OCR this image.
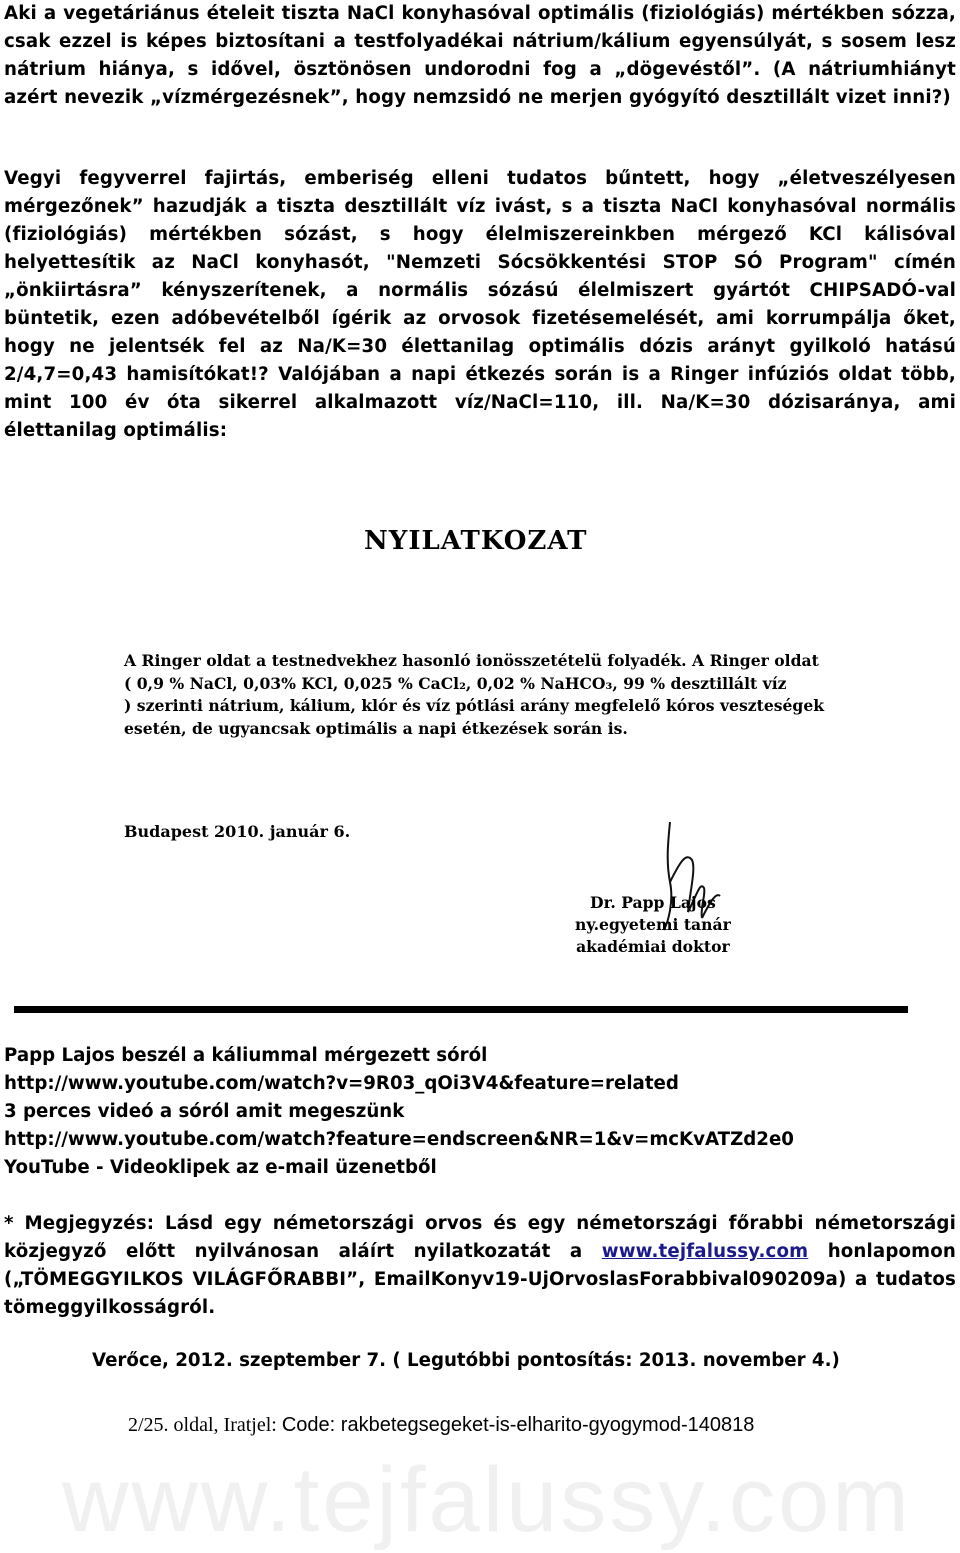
Aki a vegetáriánus ételeit tiszta NaCl konyhasóval optimális (fiziológiás) mértékben sózza, csak ezzel is képes biztosítani a testfolyadékai nátrium/kálium egyensúlyát, s sosem lesz nátrium hiánya, s idővel, ösztönösen undorodni fog a „dögevéstől”. (A nátriumhiányt azért nevezik „vízmérgezésnek”, hogy nemzsidó ne merjen gyógyító desztillált vizet inni?)
Vegyi fegyverrel fajirtás, emberiség elleni tudatos bűntett, hogy „életveszélyesen mérgezőnek” hazudják a tiszta desztillált víz ivást, s a tiszta NaCl konyhasóval normális (fiziológiás) mértékben sózást, s hogy élelmiszereinkben mérgező KCl kálisóval helyettesítik az NaCl konyhasót, "Nemzeti Sócsökkentési STOP SÓ Program" címén „önkiirtásra” kényszerítenek, a normális sózású élelmiszert gyártót CHIPSADÓ-val büntetik, ezen adóbevételből ígérik az orvosok fizetésemelését, ami korrumpálja őket, hogy ne jelentsék fel az Na/K=30 élettanilag optimális dózis arányt gyilkoló hatású 2/4,7=0,43 hamisítókat!? Valójában a napi étkezés során is a Ringer infúziós oldat több, mint 100 év óta sikerrel alkalmazott víz/NaCl=110, ill. Na/K=30 dózisaránya, ami élettanilag optimális:
NYILATKOZAT
A Ringer oldat a testnedvekhez hasonló ionösszetételü folyadék. A Ringer oldat
( 0,9 % NaCl, 0,03% KCl, 0,025 % CaCl₂, 0,02 % NaHCO₃, 99 % desztillált víz
) szerinti nátrium, kálium, klór és víz pótlási arány megfelelő kóros veszteségek
esetén, de ugyancsak optimális a napi étkezések során is.
Budapest 2010. január 6.
Dr. Papp Lajos
ny.egyetemi tanár
akadémiai doktor
Papp Lajos beszél a káliummal mérgezett sóról
http://www.youtube.com/watch?v=9R03_qOi3V4&feature=related
3 perces videó a sóról amit megeszünk
http://www.youtube.com/watch?feature=endscreen&NR=1&v=mcKvATZd2e0
YouTube - Videoklipek az e-mail üzenetből
* Megjegyzés: Lásd egy németországi orvos és egy németországi főrabbi németországi közjegyző előtt nyilvánosan aláírt nyilatkozatát a www.tejfalussy.com honlapomon („TÖMEGGYILKOS VILÁGFŐRABBI”, EmailKonyv19-UjOrvoslasForabbival090209a) a tudatos tömeggyilkosságról.
Verőce, 2012. szeptember 7. ( Legutóbbi pontosítás: 2013. november 4.)
2/25. oldal, Iratjel: Code: rakbetegsegeket-is-elharito-gyogymod-140818
www.tejfalussy.com
